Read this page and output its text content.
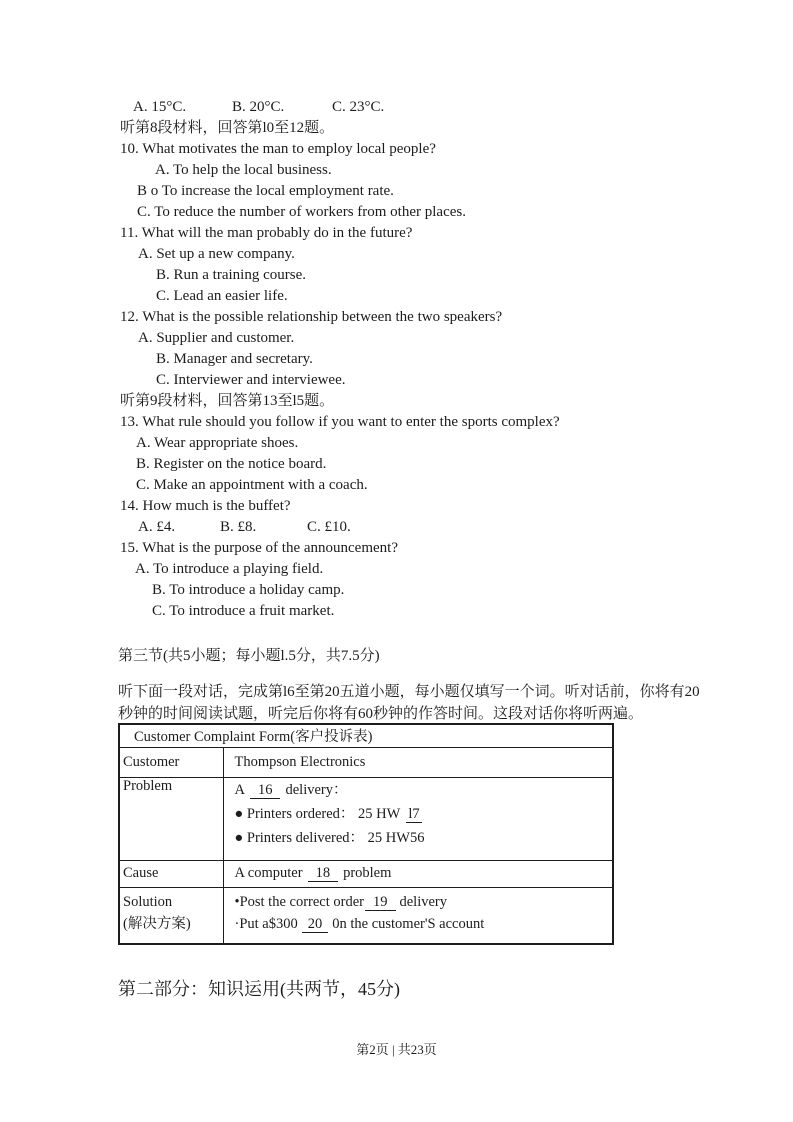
A. 15°C.	B. 20°C.	C. 23°C.
听第8段材料，回答第l0至12题。
10. What motivates the man to employ local people?
A. To help the local business.
B o To increase the local employment rate.
C. To reduce the number of workers from other places.
11. What will the man probably do in the future?
A. Set up a new company.
B. Run a training course.
C. Lead an easier life.
12. What is the possible relationship between the two speakers?
A. Supplier and customer.
B. Manager and secretary.
C. Interviewer and interviewee.
听第9段材料，回答第13至l5题。
13. What rule should you follow if you want to enter the sports complex?
A. Wear appropriate shoes.
B. Register on the notice board.
C. Make an appointment with a coach.
14. How much is the buffet?
A. £4.	B. £8.	C. £10.
15. What is the purpose of the announcement?
A. To introduce a playing field.
B. To introduce a holiday camp.
C. To introduce a fruit market.
第三节(共5小题；每小题l.5分，共7.5分)
听下面一段对话，完成第l6至第20五道小题，每小题仅填写一个词。听对话前，你将有20
秒钟的时间阅读试题，听完后你将有60秒钟的作答时间。这段对话你将听两遍。
Customer Complaint Form(客户投诉表)	
Customer	Thompson Electronics
Problem	A 16 delivery：
● Printers ordered： 25 HW l7
● Printers delivered： 25 HW56

Cause	A computer 18 problem

Solution
(解决方案)

•Post the correct order 19 delivery
·Put a$300 20 0n the customer'S account
第二部分：知识运用(共两节，45分)
第2页 | 共23页
